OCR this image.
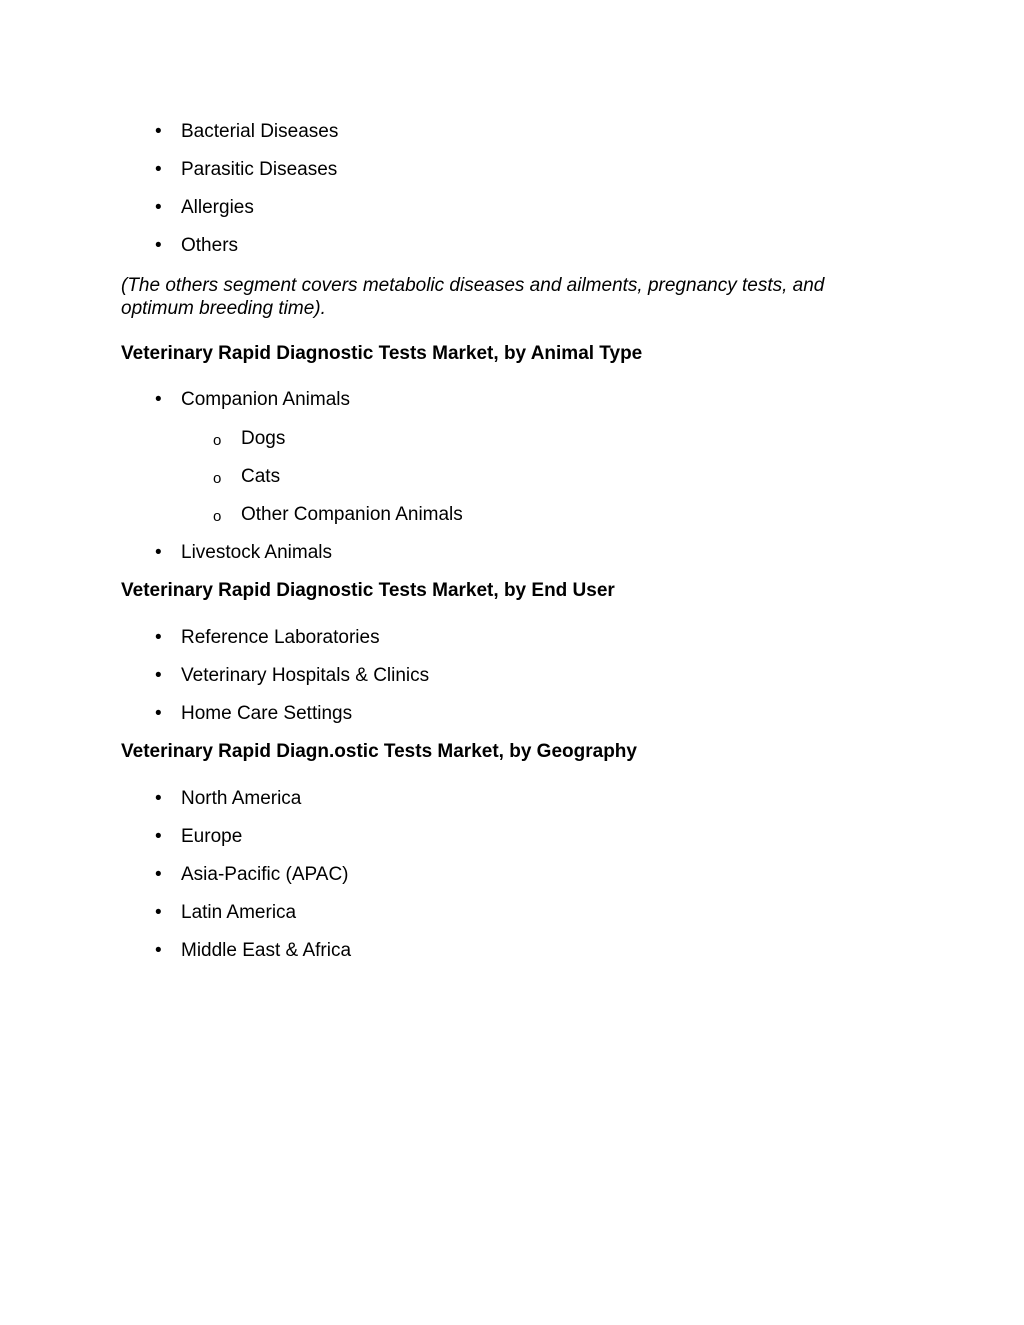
• Bacterial Diseases
• Parasitic Diseases
• Allergies
• Others
(The others segment covers metabolic diseases and ailments, pregnancy tests, and optimum breeding time).
Veterinary Rapid Diagnostic Tests Market, by Animal Type
• Companion Animals
o Dogs
o Cats
o Other Companion Animals
• Livestock Animals
Veterinary Rapid Diagnostic Tests Market, by End User
• Reference Laboratories
• Veterinary Hospitals & Clinics
• Home Care Settings
Veterinary Rapid Diagn.ostic Tests Market, by Geography
• North America
• Europe
• Asia-Pacific (APAC)
• Latin America
• Middle East & Africa
